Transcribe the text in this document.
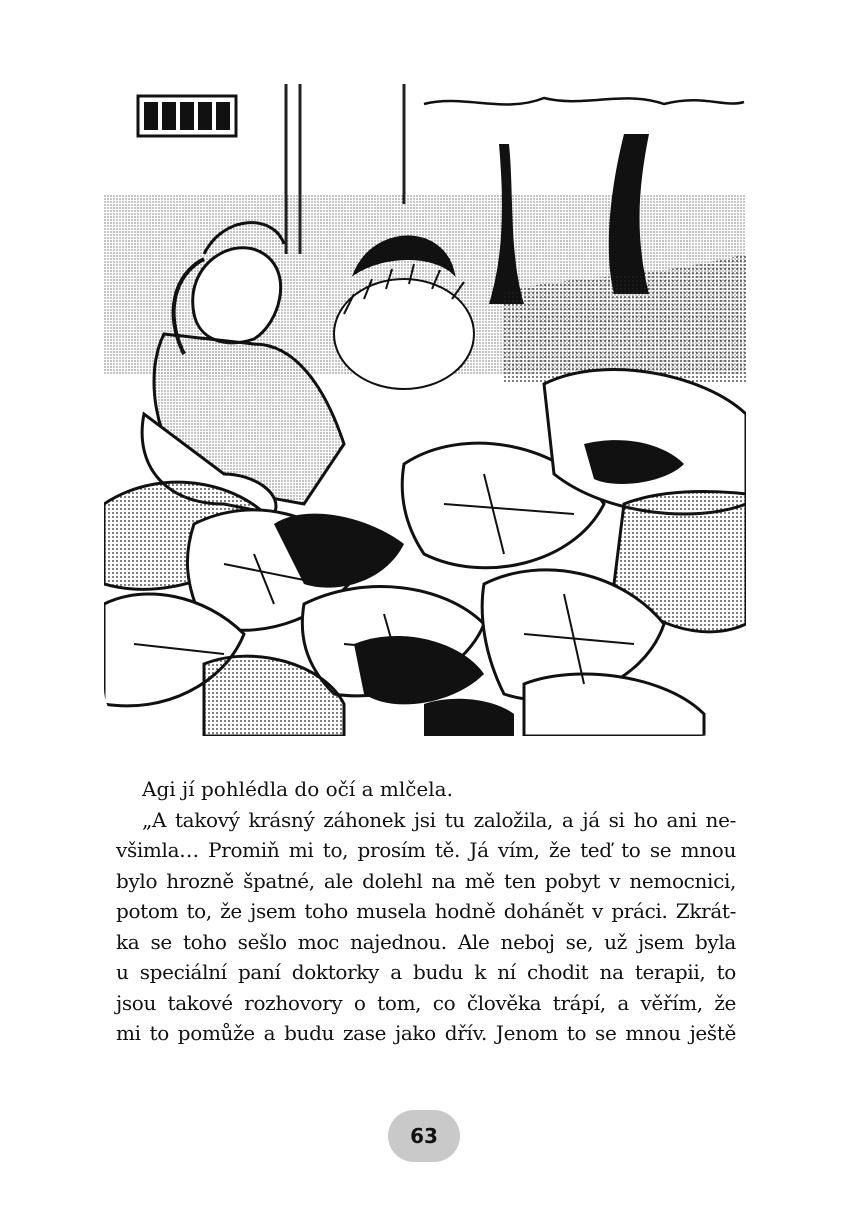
Agi jí pohlédla do očí a mlčela.

„A takový krásný záhonek jsi tu založila, a já si ho ani ne-
všimla… Promiň mi to, prosím tě. Já vím, že teď to se mnou
bylo hrozně špatné, ale dolehl na mě ten pobyt v nemocnici,
potom to, že jsem toho musela hodně dohánět v práci. Zkrát-
ka se toho sešlo moc najednou. Ale neboj se, už jsem byla
u speciální paní doktorky a budu k ní chodit na terapii, to
jsou takové rozhovory o tom, co člověka trápí, a věřím, že
mi to pomůže a budu zase jako dřív. Jenom to se mnou ještě

63
